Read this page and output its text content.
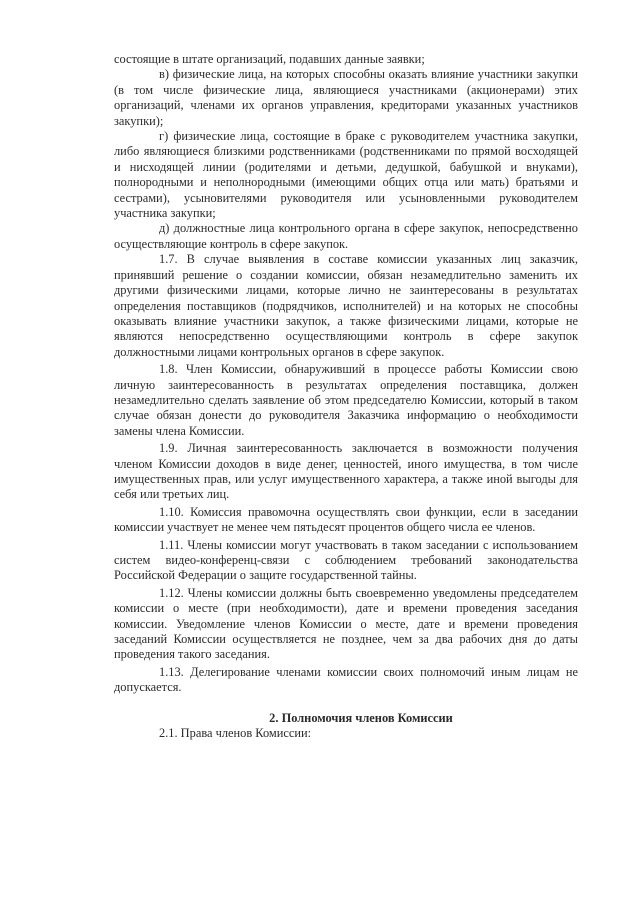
состоящие в штате организаций, подавших данные заявки;

в) физические лица, на которых способны оказать влияние участники закупки (в том числе физические лица, являющиеся участниками (акционерами) этих организаций, членами их органов управления, кредиторами указанных участников закупки);

г) физические лица, состоящие в браке с руководителем участника закупки, либо являющиеся близкими родственниками (родственниками по прямой восходящей и нисходящей линии (родителями и детьми, дедушкой, бабушкой и внуками), полнородными и неполнородными (имеющими общих отца или мать) братьями и сестрами), усыновителями руководителя или усыновленными руководителем участника закупки;

д) должностные лица контрольного органа в сфере закупок, непосредственно осуществляющие контроль в сфере закупок.

1.7. В случае выявления в составе комиссии указанных лиц заказчик, принявший решение о создании комиссии, обязан незамедлительно заменить их другими физическими лицами, которые лично не заинтересованы в результатах определения поставщиков (подрядчиков, исполнителей) и на которых не способны оказывать влияние участники закупок, а также физическими лицами, которые не являются непосредственно осуществляющими контроль в сфере закупок должностными лицами контрольных органов в сфере закупок.

1.8. Член Комиссии, обнаруживший в процессе работы Комиссии свою личную заинтересованность в результатах определения поставщика, должен незамедлительно сделать заявление об этом председателю Комиссии, который в таком случае обязан донести до руководителя Заказчика информацию о необходимости замены члена Комиссии.

1.9. Личная заинтересованность заключается в возможности получения членом Комиссии доходов в виде денег, ценностей, иного имущества, в том числе имущественных прав, или услуг имущественного характера, а также иной выгоды для себя или третьих лиц.

1.10. Комиссия правомочна осуществлять свои функции, если в заседании комиссии участвует не менее чем пятьдесят процентов общего числа ее членов.

1.11. Члены комиссии могут участвовать в таком заседании с использованием систем видео-конференц-связи с соблюдением требований законодательства Российской Федерации о защите государственной тайны.

1.12. Члены комиссии должны быть своевременно уведомлены председателем комиссии о месте (при необходимости), дате и времени проведения заседания комиссии. Уведомление членов Комиссии о месте, дате и времени проведения заседаний Комиссии осуществляется не позднее, чем за два рабочих дня до даты проведения такого заседания.

1.13. Делегирование членами комиссии своих полномочий иным лицам не допускается.

2. Полномочия членов Комиссии

2.1. Права членов Комиссии:
